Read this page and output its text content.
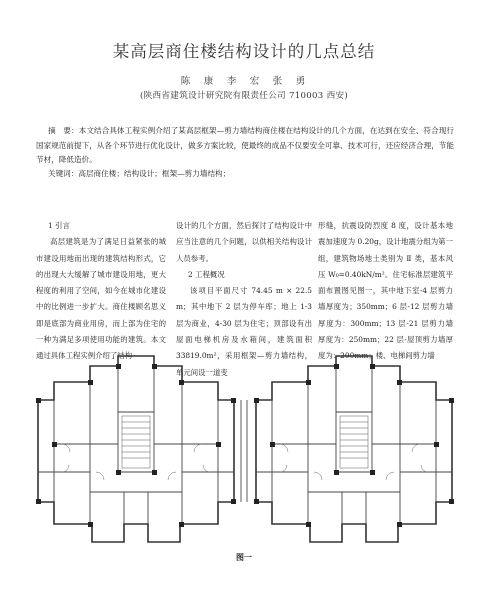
某高层商住楼结构设计的几点总结
陈　康　李　宏　张　勇
(陕西省建筑设计研究院有限责任公司 710003 西安)
摘　要：本文结合具体工程实例介绍了某高层框架—剪力墙结构商住楼在结构设计的几个方面，在达到在安全、符合现行国家规范前提下，从各个环节进行优化设计，做多方案比较，使最终的成品不仅要安全可靠、技术可行，还应经济合理，节能节材，降低造价。
关键词：高层商住楼；结构设计；框架—剪力墙结构；

1 引言

高层建筑是为了满足日益紧张的城市建设用地而出现的建筑结构形式，它的出现大大缓解了城市建设用地，更大程度的利用了空间，如今在城市化建设中的比例进一步扩大。商住楼顾名思义即是底部为商业用房，而上部为住宅的一种为满足多项使用功能的建筑。本文通过具体工程实例介绍了结构

设计的几个方面，然后探讨了结构设计中应当注意的几个问题，以供相关结构设计人员参考。

2 工程概况

该项目平面尺寸 74.45 m × 22.5 m；其中地下 2 层为停车库；地上 1-3 层为商业，4-30 层为住宅；顶部设有出屋面电梯机房及水箱间，建筑面积 33819.0m²，采用框架—剪力墙结构，单元间设一道变

形缝，抗震设防烈度 8 度，设计基本地震加速度为 0.20g，设计地震分组为第一组，建筑物场地土类别为 Ⅱ 类，基本风压 W₀=0.40kN/m²。住宅标准层建筑平面布置图见图一，其中地下室-4 层剪力墙厚度为；350mm；6 层-12 层剪力墙厚度为：300mm；13 层-21 层剪力墙厚度为：250mm；22 层-屋顶剪力墙厚度为：200mm；楼、电梯间剪力墙

图一
